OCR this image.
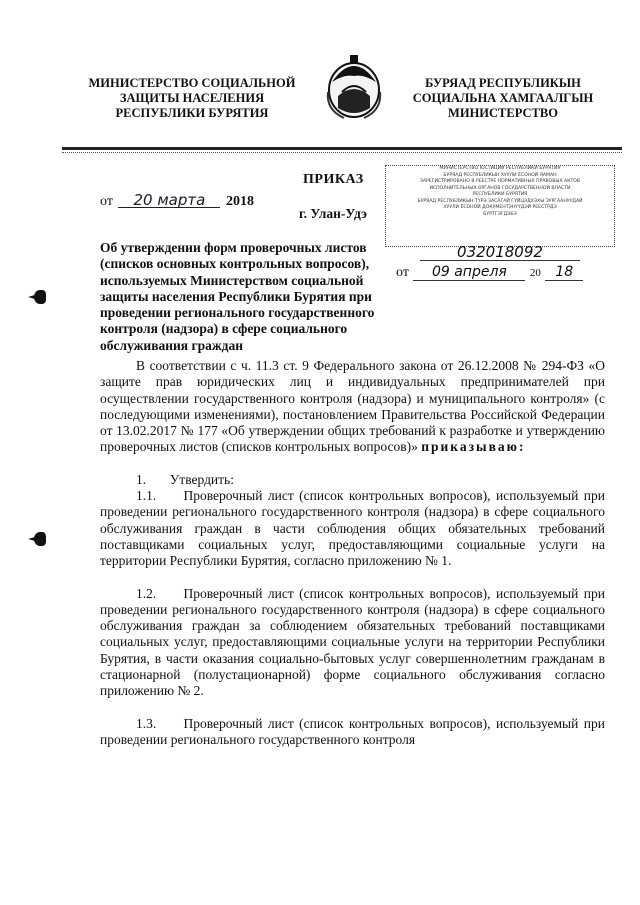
МИНИСТЕРСТВО СОЦИАЛЬНОЙ
ЗАЩИТЫ НАСЕЛЕНИЯ
РЕСПУБЛИКИ БУРЯТИЯ
БУРЯАД РЕСПУБЛИКЫН
СОЦИАЛЬНА ХАМГААЛГЫН
МИНИСТЕРСТВО
ПРИКАЗ
от 20 марта 2018
г. Улан-Удэ
МИНИСТЕРСТВО ЮСТИЦИИ РЕСПУБЛИКИ БУРЯТИЯ
БУРЯАД РЕСПУБЛИКЫН ХУУЛИ ЁСОНОЙ ЯАМАН
ЗАРЕГИСТРИРОВАНО В РЕЕСТРЕ НОРМАТИВНЫХ ПРАВОВЫХ АКТОВ
ИСПОЛНИТЕЛЬНЫХ ОРГАНОВ ГОСУДАРСТВЕННОЙ ВЛАСТИ
РЕСПУБЛИКИ БУРЯТИЯ
БУРЯАД РЕСПУБЛИКЫН ТҮРЭ ЗАСАГАЙ ГҮЙЦЭДХЭХЫ ЗУРГААНУУДАЙ
ХУУЛИ ЁСОНОЙ ДОКУМЕНТЭНҮҮДЭЙ РЕЕСТРДЭ
БҮРТГЭГДЭБЭ
032018092
от 09 апреля 20 18
Об утверждении форм проверочных листов (списков основных контрольных вопросов), используемых Министерством социальной защиты населения Республики Бурятия при проведении регионального государственного контроля (надзора) в сфере социального обслуживания граждан

В соответствии с ч. 11.3 ст. 9 Федерального закона от 26.12.2008 № 294-ФЗ «О защите прав юридических лиц и индивидуальных предпринимателей при осуществлении государственного контроля (надзора) и муниципального контроля» (с последующими изменениями), постановлением Правительства Российской Федерации от 13.02.2017 № 177 «Об утверждении общих требований к разработке и утверждению проверочных листов (списков контрольных вопросов)» приказываю:

1.       Утвердить:

1.1.     Проверочный лист (список контрольных вопросов), используемый при проведении регионального государственного контроля (надзора) в сфере социального обслуживания граждан в части соблюдения общих обязательных требований поставщиками социальных услуг, предоставляющими социальные услуги на территории Республики Бурятия, согласно приложению № 1.

1.2.     Проверочный лист (список контрольных вопросов), используемый при проведении регионального государственного контроля (надзора) в сфере социального обслуживания граждан за соблюдением обязательных требований поставщиками социальных услуг, предоставляющими социальные услуги на территории Республики Бурятия, в части оказания социально-бытовых услуг совершеннолетним гражданам в стационарной (полустационарной) форме социального обслуживания согласно приложению № 2.

1.3.     Проверочный лист (список контрольных вопросов), используемый при проведении регионального государственного контроля
